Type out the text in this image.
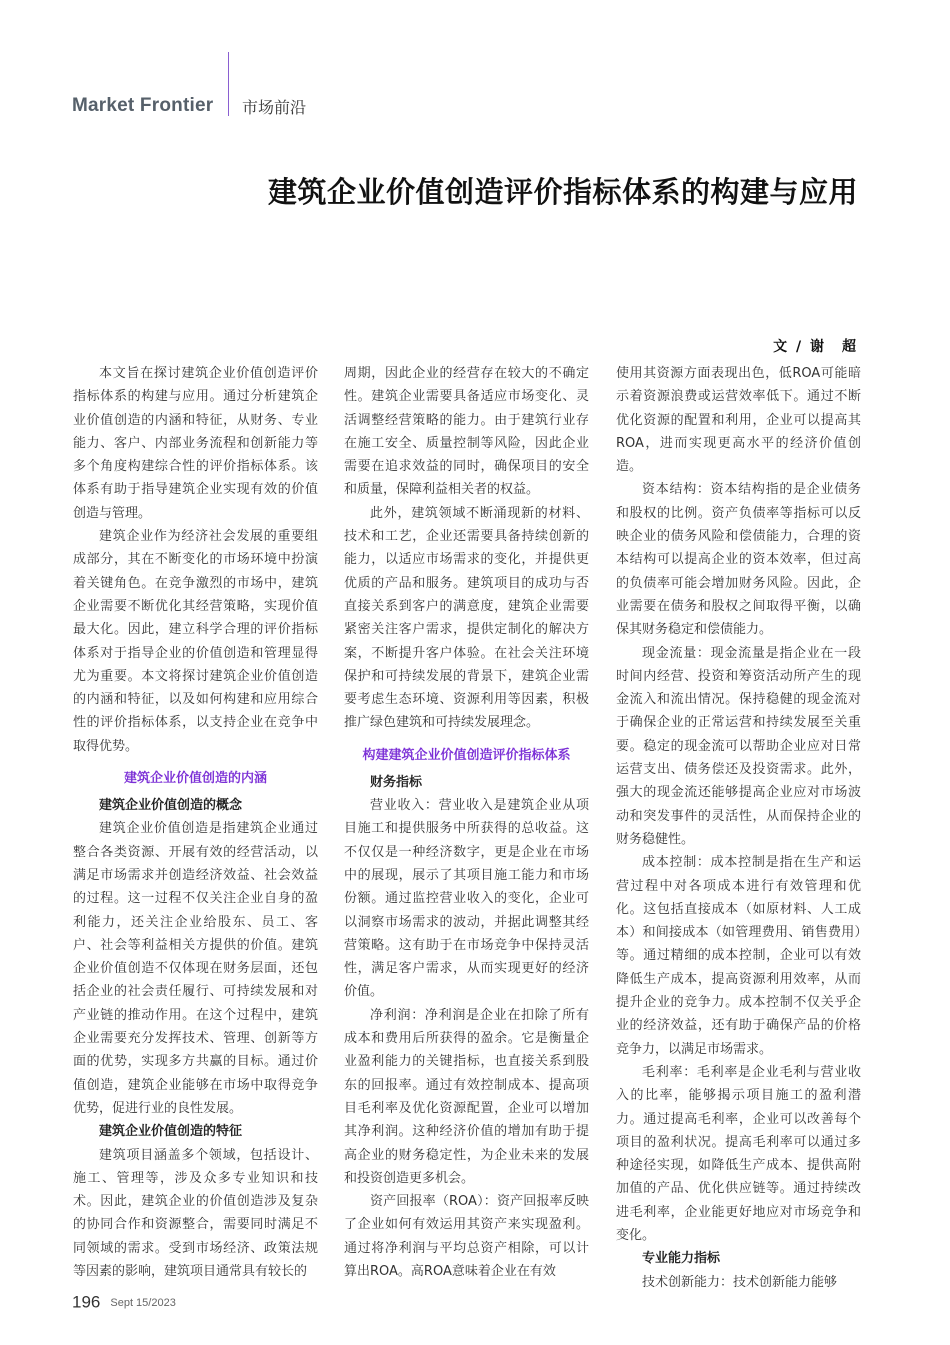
Market Frontier 市场前沿
建筑企业价值创造评价指标体系的构建与应用
文 / 谢　超

本文旨在探讨建筑企业价值创造评价指标体系的构建与应用。通过分析建筑企业价值创造的内涵和特征，从财务、专业能力、客户、内部业务流程和创新能力等多个角度构建综合性的评价指标体系。该体系有助于指导建筑企业实现有效的价值创造与管理。

建筑企业作为经济社会发展的重要组成部分，其在不断变化的市场环境中扮演着关键角色。在竞争激烈的市场中，建筑企业需要不断优化其经营策略，实现价值最大化。因此，建立科学合理的评价指标体系对于指导企业的价值创造和管理显得尤为重要。本文将探讨建筑企业价值创造的内涵和特征，以及如何构建和应用综合性的评价指标体系，以支持企业在竞争中取得优势。

建筑企业价值创造的内涵
建筑企业价值创造的概念

建筑企业价值创造是指建筑企业通过整合各类资源、开展有效的经营活动，以满足市场需求并创造经济效益、社会效益的过程。这一过程不仅关注企业自身的盈利能力，还关注企业给股东、员工、客户、社会等利益相关方提供的价值。建筑企业价值创造不仅体现在财务层面，还包括企业的社会责任履行、可持续发展和对产业链的推动作用。在这个过程中，建筑企业需要充分发挥技术、管理、创新等方面的优势，实现多方共赢的目标。通过价值创造，建筑企业能够在市场中取得竞争优势，促进行业的良性发展。

建筑企业价值创造的特征

建筑项目涵盖多个领域，包括设计、施工、管理等，涉及众多专业知识和技术。因此，建筑企业的价值创造涉及复杂的协同合作和资源整合，需要同时满足不同领域的需求。受到市场经济、政策法规等因素的影响，建筑项目通常具有较长的

周期，因此企业的经营存在较大的不确定性。建筑企业需要具备适应市场变化、灵活调整经营策略的能力。由于建筑行业存在施工安全、质量控制等风险，因此企业需要在追求效益的同时，确保项目的安全和质量，保障利益相关者的权益。

此外，建筑领域不断涌现新的材料、技术和工艺，企业还需要具备持续创新的能力，以适应市场需求的变化，并提供更优质的产品和服务。建筑项目的成功与否直接关系到客户的满意度，建筑企业需要紧密关注客户需求，提供定制化的解决方案，不断提升客户体验。在社会关注环境保护和可持续发展的背景下，建筑企业需要考虑生态环境、资源利用等因素，积极推广绿色建筑和可持续发展理念。

构建建筑企业价值创造评价指标体系
财务指标

营业收入：营业收入是建筑企业从项目施工和提供服务中所获得的总收益。这不仅仅是一种经济数字，更是企业在市场中的展现，展示了其项目施工能力和市场份额。通过监控营业收入的变化，企业可以洞察市场需求的波动，并据此调整其经营策略。这有助于在市场竞争中保持灵活性，满足客户需求，从而实现更好的经济价值。

净利润：净利润是企业在扣除了所有成本和费用后所获得的盈余。它是衡量企业盈利能力的关键指标，也直接关系到股东的回报率。通过有效控制成本、提高项目毛利率及优化资源配置，企业可以增加其净利润。这种经济价值的增加有助于提高企业的财务稳定性，为企业未来的发展和投资创造更多机会。

资产回报率（ROA）：资产回报率反映了企业如何有效运用其资产来实现盈利。通过将净利润与平均总资产相除，可以计算出ROA。高ROA意味着企业在有效

使用其资源方面表现出色，低ROA可能暗示着资源浪费或运营效率低下。通过不断优化资源的配置和利用，企业可以提高其ROA，进而实现更高水平的经济价值创造。

资本结构：资本结构指的是企业债务和股权的比例。资产负债率等指标可以反映企业的债务风险和偿债能力，合理的资本结构可以提高企业的资本效率，但过高的负债率可能会增加财务风险。因此，企业需要在债务和股权之间取得平衡，以确保其财务稳定和偿债能力。

现金流量：现金流量是指企业在一段时间内经营、投资和筹资活动所产生的现金流入和流出情况。保持稳健的现金流对于确保企业的正常运营和持续发展至关重要。稳定的现金流可以帮助企业应对日常运营支出、债务偿还及投资需求。此外，强大的现金流还能够提高企业应对市场波动和突发事件的灵活性，从而保持企业的财务稳健性。

成本控制：成本控制是指在生产和运营过程中对各项成本进行有效管理和优化。这包括直接成本（如原材料、人工成本）和间接成本（如管理费用、销售费用）等。通过精细的成本控制，企业可以有效降低生产成本，提高资源利用效率，从而提升企业的竞争力。成本控制不仅关乎企业的经济效益，还有助于确保产品的价格竞争力，以满足市场需求。

毛利率：毛利率是企业毛利与营业收入的比率，能够揭示项目施工的盈利潜力。通过提高毛利率，企业可以改善每个项目的盈利状况。提高毛利率可以通过多种途径实现，如降低生产成本、提供高附加值的产品、优化供应链等。通过持续改进毛利率，企业能更好地应对市场竞争和变化。

专业能力指标

技术创新能力：技术创新能力能够

196 Sept 15/2023
